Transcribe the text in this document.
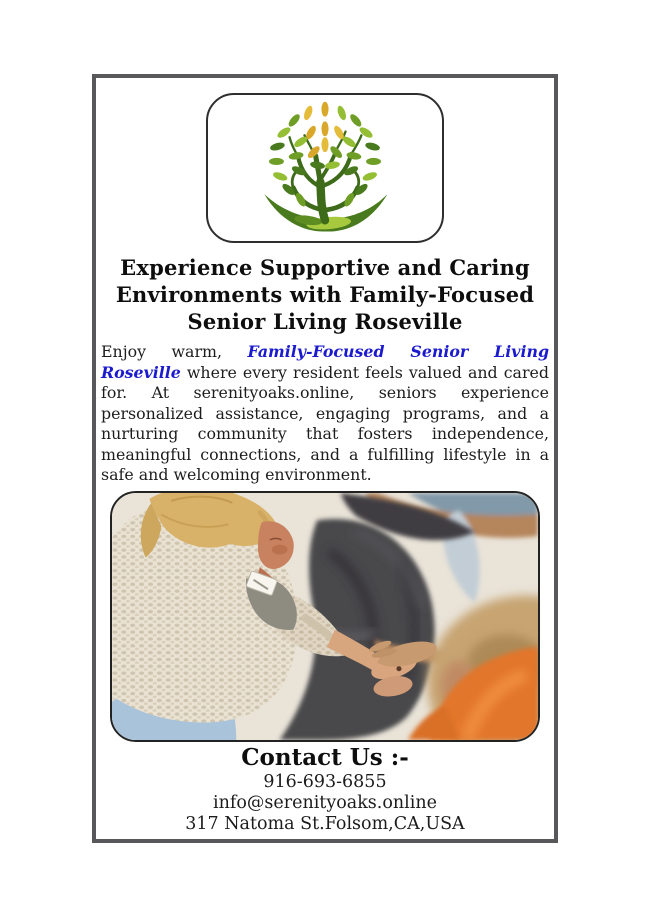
Experience Supportive and Caring Environments with Family-Focused Senior Living Roseville

Enjoy warm, Family-Focused Senior Living Roseville where every resident feels valued and cared for. At serenityoaks.online, seniors experience personalized assistance, engaging programs, and a nurturing community that fosters independence, meaningful connections, and a fulfilling lifestyle in a safe and welcoming environment.

Contact Us :-
916-693-6855
info@serenityoaks.online
317 Natoma St.Folsom,CA,USA
